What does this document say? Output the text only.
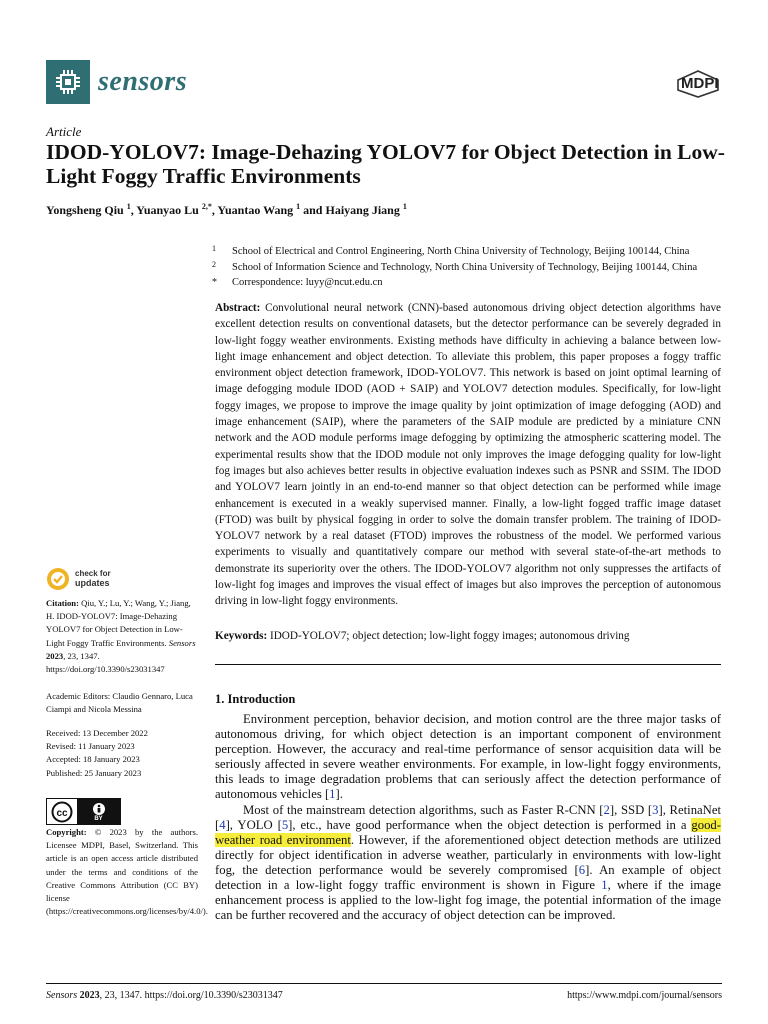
sensors	MDPI
Article
IDOD-YOLOV7: Image-Dehazing YOLOV7 for Object Detection in Low-Light Foggy Traffic Environments
Yongsheng Qiu $^1$, Yuanyao Lu $^{2,*}$, Yuantao Wang $^1$ and Haiyang Jiang $^1$
1 School of Electrical and Control Engineering, North China University of Technology, Beijing 100144, China
2 School of Information Science and Technology, North China University of Technology, Beijing 100144, China
* Correspondence: luyy@ncut.edu.cn
Abstract: Convolutional neural network (CNN)-based autonomous driving object detection algorithms have excellent detection results on conventional datasets, but the detector performance can be severely degraded in low-light foggy weather environments. Existing methods have difficulty in achieving a balance between low-light image enhancement and object detection. To alleviate this problem, this paper proposes a foggy traffic environment object detection framework, IDOD-YOLOV7. This network is based on joint optimal learning of image defogging module IDOD (AOD + SAIP) and YOLOV7 detection modules. Specifically, for low-light foggy images, we propose to improve the image quality by joint optimization of image defogging (AOD) and image enhancement (SAIP), where the parameters of the SAIP module are predicted by a miniature CNN network and the AOD module performs image defogging by optimizing the atmospheric scattering model. The experimental results show that the IDOD module not only improves the image defogging quality for low-light fog images but also achieves better results in objective evaluation indexes such as PSNR and SSIM. The IDOD and YOLOV7 learn jointly in an end-to-end manner so that object detection can be performed while image enhancement is executed in a weakly supervised manner. Finally, a low-light fogged traffic image dataset (FTOD) was built by physical fogging in order to solve the domain transfer problem. The training of IDOD-YOLOV7 network by a real dataset (FTOD) improves the robustness of the model. We performed various experiments to visually and quantitatively compare our method with several state-of-the-art methods to demonstrate its superiority over the others. The IDOD-YOLOV7 algorithm not only suppresses the artifacts of low-light fog images and improves the visual effect of images but also improves the perception of autonomous driving in low-light foggy environments.
Keywords: IDOD-YOLOV7; object detection; low-light foggy images; autonomous driving
check for
updates
Citation: Qiu, Y.; Lu, Y.; Wang, Y.; Jiang, H. IDOD-YOLOV7: Image-Dehazing YOLOV7 for Object Detection in Low-Light Foggy Traffic Environments. Sensors 2023, 23, 1347. https://doi.org/10.3390/s23031347
Academic Editors: Claudio Gennaro, Luca Ciampi and Nicola Messina
Received: 13 December 2022
Revised: 11 January 2023
Accepted: 18 January 2023
Published: 25 January 2023
cc	BY
Copyright: © 2023 by the authors. Licensee MDPI, Basel, Switzerland. This article is an open access article distributed under the terms and conditions of the Creative Commons Attribution (CC BY) license (https://creativecommons.org/licenses/by/4.0/).
1. Introduction

Environment perception, behavior decision, and motion control are the three major tasks of autonomous driving, for which object detection is an important component of environment perception. However, the accuracy and real-time performance of sensor acquisition data will be seriously affected in severe weather environments. For example, in low-light foggy environments, this leads to image degradation problems that can seriously affect the detection performance of autonomous vehicles [1].

Most of the mainstream detection algorithms, such as Faster R-CNN [2], SSD [3], RetinaNet [4], YOLO [5], etc., have good performance when the object detection is performed in a good-weather road environment. However, if the aforementioned object detection methods are utilized directly for object identification in adverse weather, particularly in environments with low-light fog, the detection performance would be severely compromised [6]. An example of object detection in a low-light foggy traffic environment is shown in Figure 1, where if the image enhancement process is applied to the low-light fog image, the potential information of the image can be further recovered and the accuracy of object detection can be improved.

Sensors 2023, 23, 1347. https://doi.org/10.3390/s23031347	https://www.mdpi.com/journal/sensors
